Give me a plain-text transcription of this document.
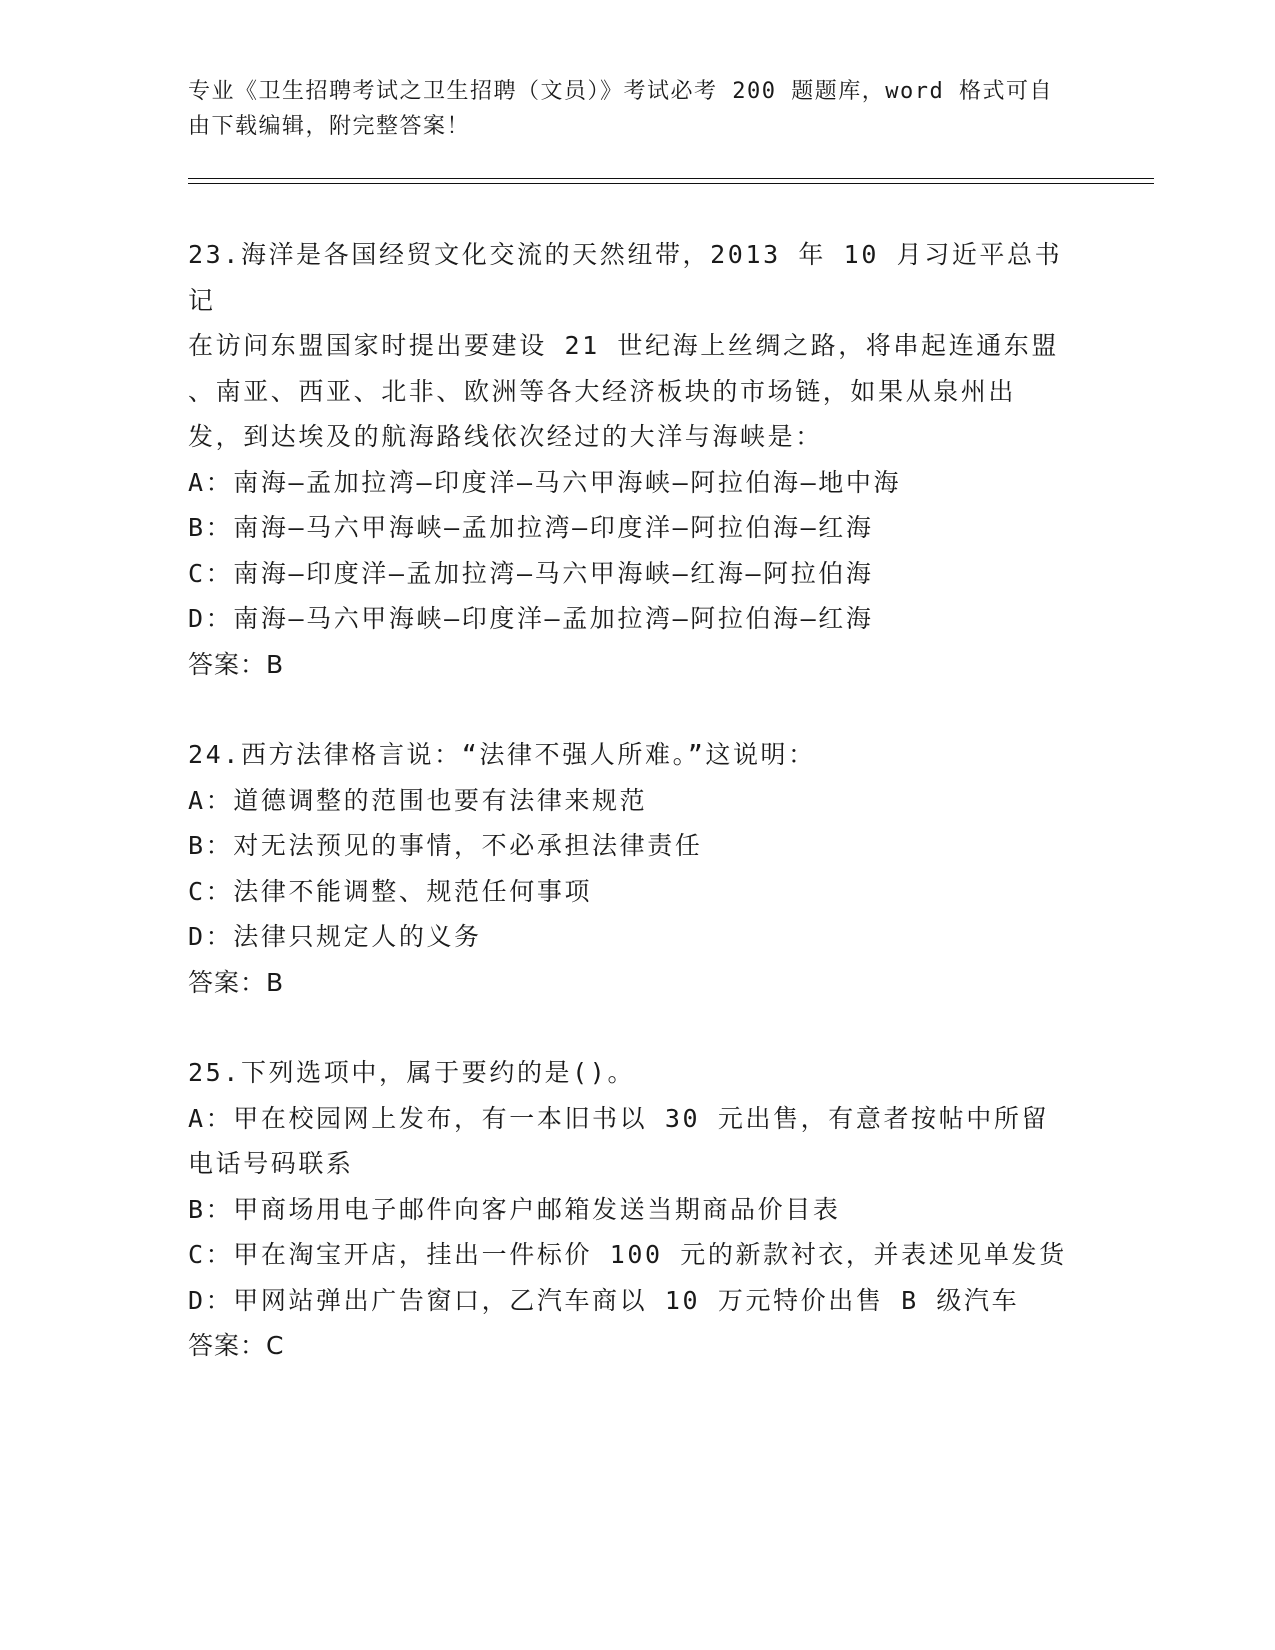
专业《卫生招聘考试之卫生招聘（文员）》考试必考 200 题题库，word 格式可自
由下载编辑，附完整答案！
23.海洋是各国经贸文化交流的天然纽带，2013 年 10 月习近平总书记
在访问东盟国家时提出要建设 21 世纪海上丝绸之路，将串起连通东盟
、南亚、西亚、北非、欧洲等各大经济板块的市场链，如果从泉州出
发，到达埃及的航海路线依次经过的大洋与海峡是：
A：南海—孟加拉湾—印度洋—马六甲海峡—阿拉伯海—地中海
B：南海—马六甲海峡—孟加拉湾—印度洋—阿拉伯海—红海
C：南海—印度洋—孟加拉湾—马六甲海峡—红海—阿拉伯海
D：南海—马六甲海峡—印度洋—孟加拉湾—阿拉伯海—红海
答案：B
24.西方法律格言说：“法律不强人所难。”这说明：
A：道德调整的范围也要有法律来规范
B：对无法预见的事情，不必承担法律责任
C：法律不能调整、规范任何事项
D：法律只规定人的义务
答案：B
25.下列选项中，属于要约的是()。
A：甲在校园网上发布，有一本旧书以 30 元出售，有意者按帖中所留
电话号码联系
B：甲商场用电子邮件向客户邮箱发送当期商品价目表
C：甲在淘宝开店，挂出一件标价 100 元的新款衬衣，并表述见单发货
D：甲网站弹出广告窗口，乙汽车商以 10 万元特价出售 B 级汽车
答案：C
